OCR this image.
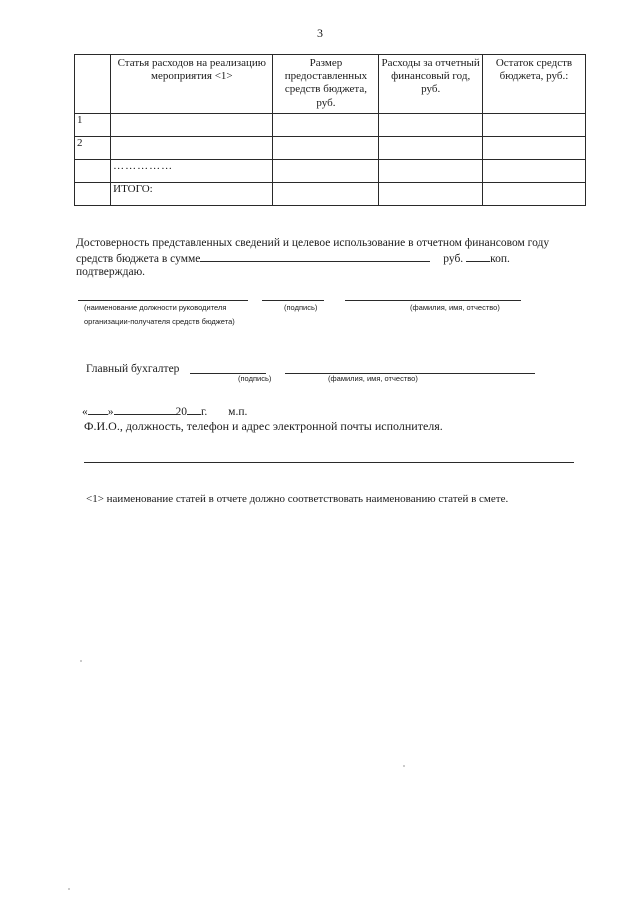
3
	Статья расходов на реализацию мероприятия <1>	Размер предоставленных средств бюджета, руб.	Расходы за отчетный финансовый год, руб.	Остаток средств бюджета, руб.:
1				
2				
	……………			
	ИТОГО:			
Достоверность представленных сведений и целевое использование в отчетном финансовом году
средств бюджета в сумме	руб. коп.
подтверждаю.
(наименование должности руководителя
организации-получателя средств бюджета)
(подпись)	(фамилия, имя, отчество)
Главный бухгалтер
(подпись)	(фамилия, имя, отчество)
« »	20 г. м.п.
Ф.И.О., должность, телефон и адрес электронной почты исполнителя.
<1> наименование статей в отчете должно соответствовать наименованию статей в смете.
